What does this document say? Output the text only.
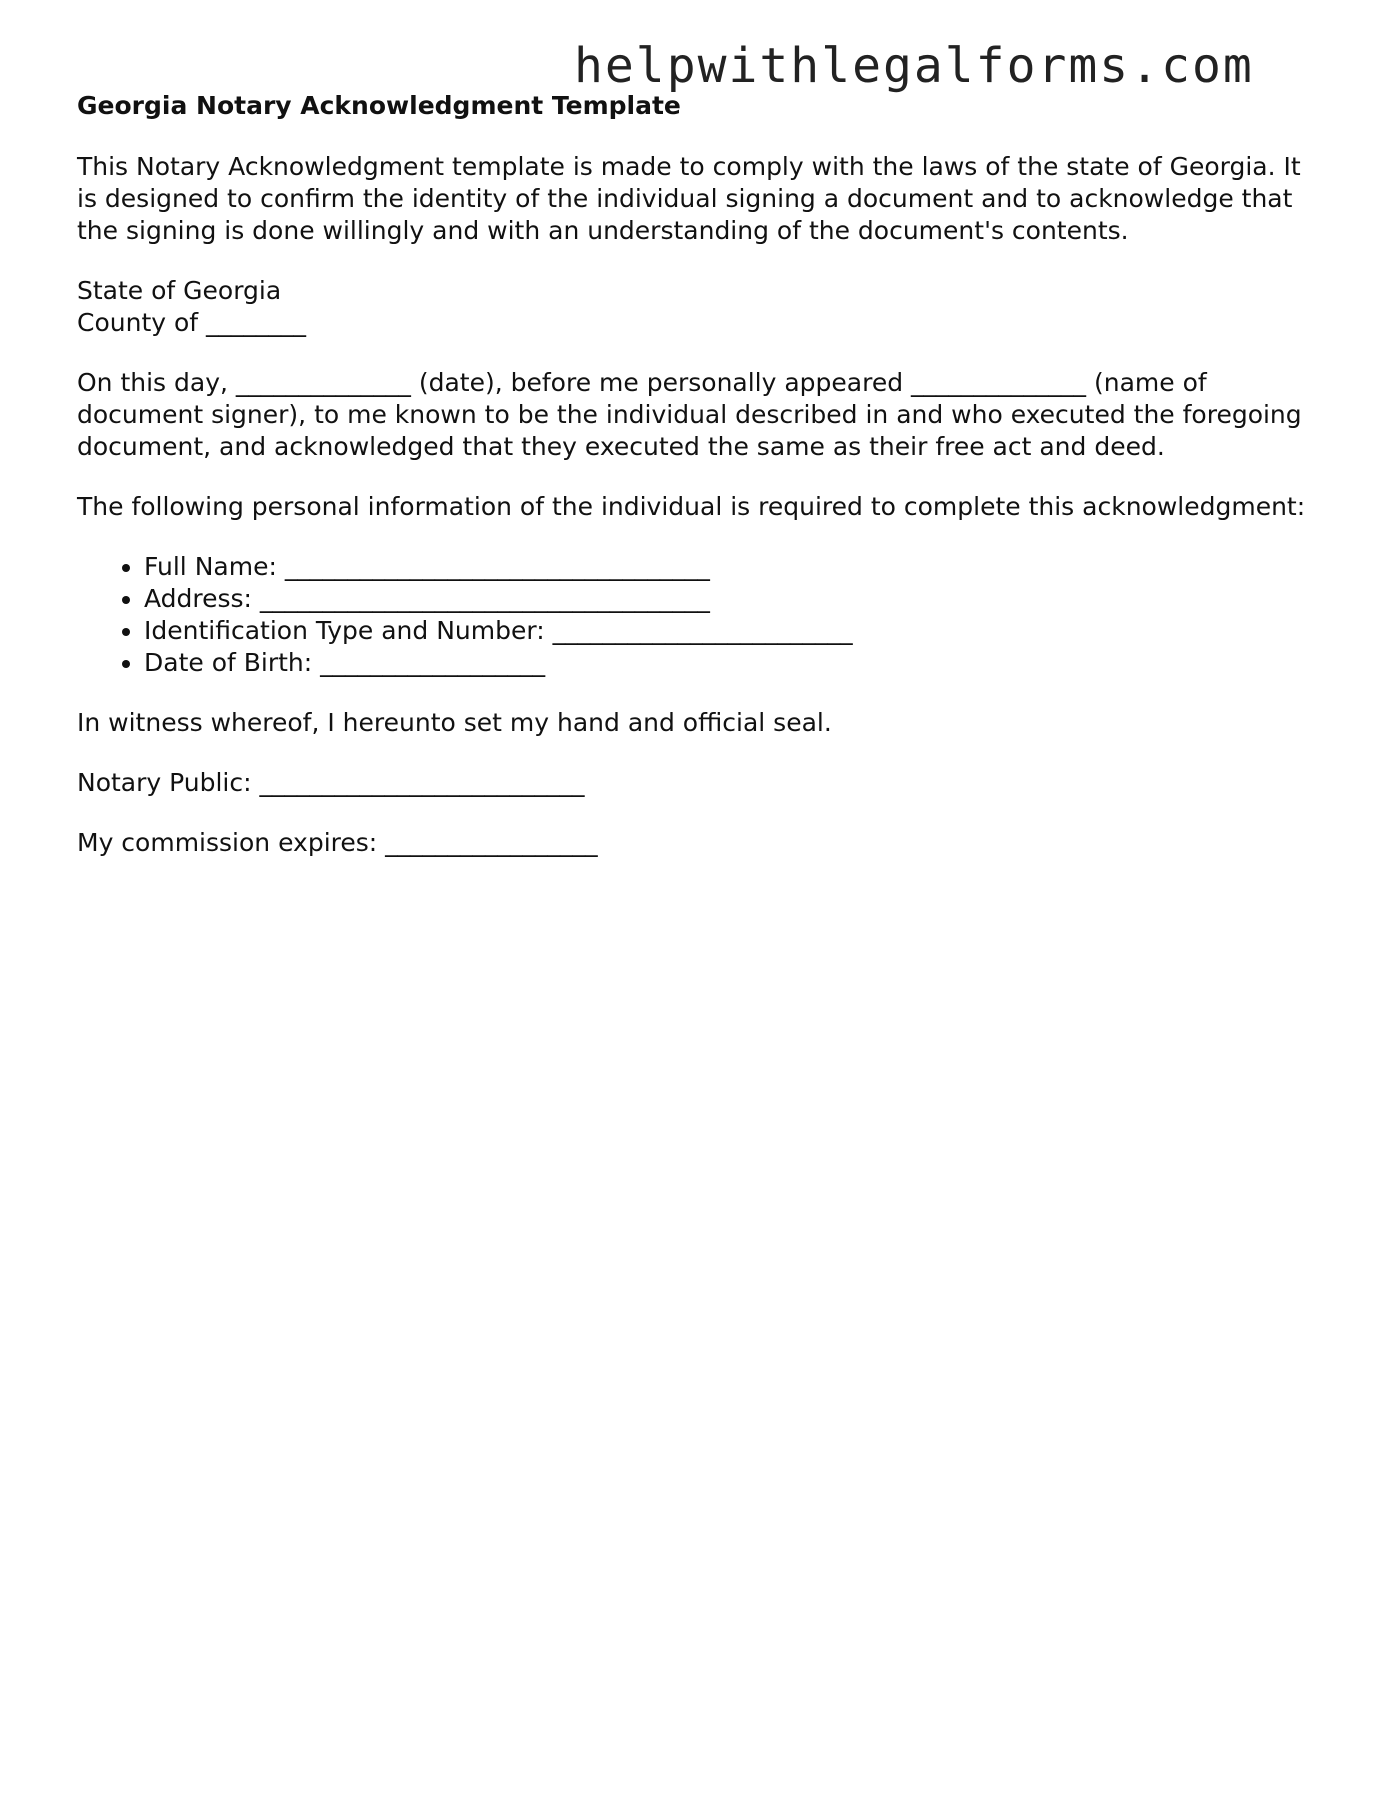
helpwithlegalforms.com
Georgia Notary Acknowledgment Template

This Notary Acknowledgment template is made to comply with the laws of the state of Georgia. It is designed to confirm the identity of the individual signing a document and to acknowledge that the signing is done willingly and with an understanding of the document's contents.

State of Georgia
County of ________

On this day, ______________ (date), before me personally appeared ______________ (name of document signer), to me known to be the individual described in and who executed the foregoing document, and acknowledged that they executed the same as their free act and deed.

The following personal information of the individual is required to complete this acknowledgment:

• Full Name: __________________________________
• Address: ____________________________________
• Identification Type and Number: ________________________
• Date of Birth: __________________

In witness whereof, I hereunto set my hand and official seal.

Notary Public: __________________________

My commission expires: _________________
